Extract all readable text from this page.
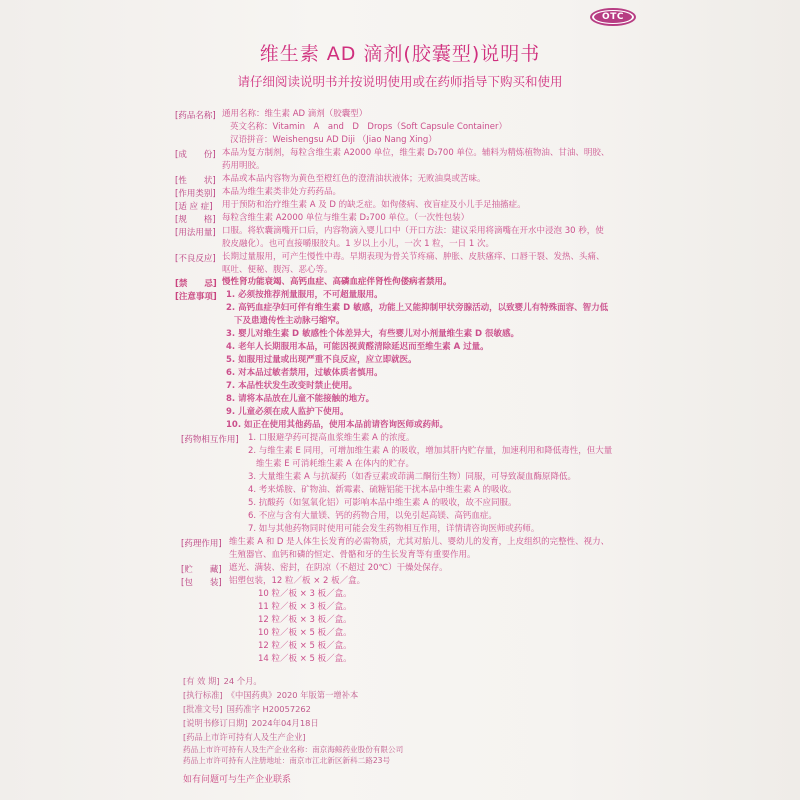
OTC
维生素 AD 滴剂(胶囊型)说明书
请仔细阅读说明书并按说明使用或在药师指导下购买和使用
[药品名称] 通用名称：维生素 AD 滴剂（胶囊型）
英文名称：Vitamin　A　and　D　Drops（Soft Capsule Container）
汉语拼音：Weishengsu AD Diji （Jiao Nang Xing）
[成　　份] 本品为复方制剂，每粒含维生素 A2000 单位，维生素 D₂700 单位。辅料为精炼植物油、甘油、明胶、
药用明胶。
[性　　状] 本品或本品内容物为黄色至橙红色的澄清油状液体；无败油臭或苦味。
[作用类别] 本品为维生素类非处方药药品。
[适 应 症] 用于预防和治疗维生素 A 及 D 的缺乏症。如佝偻病、夜盲症及小儿手足抽搐症。
[规　　格] 每粒含维生素 A2000 单位与维生素 D₂700 单位。（一次性包装）
[用法用量] 口服。将软囊滴嘴开口后，内容物滴入婴儿口中（开口方法：建议采用将滴嘴在开水中浸泡 30 秒，使
胶皮融化）。也可直接嚼服胶丸。1 岁以上小儿，一次 1 粒，一日 1 次。
[不良反应] 长期过量服用，可产生慢性中毒。早期表现为骨关节疼痛、肿胀、皮肤瘙痒、口唇干裂、发热、头痛、
呕吐、便秘、腹泻、恶心等。
[禁　　忌] 慢性肾功能衰竭、高钙血症、高磷血症伴肾性佝偻病者禁用。
[注意事项] 1. 必须按推荐剂量服用，不可超量服用。
2. 高钙血症孕妇可伴有维生素 D 敏感，功能上又能抑制甲状旁腺活动，以致婴儿有特殊面容、智力低
下及患遗传性主动脉弓缩窄。
3. 婴儿对维生素 D 敏感性个体差异大，有些婴儿对小剂量维生素 D 很敏感。
4. 老年人长期服用本品，可能因视黄醛清除延迟而至维生素 A 过量。
5. 如服用过量或出现严重不良反应，应立即就医。
6. 对本品过敏者禁用，过敏体质者慎用。
7. 本品性状发生改变时禁止使用。
8. 请将本品放在儿童不能接触的地方。
9. 儿童必须在成人监护下使用。
10. 如正在使用其他药品，使用本品前请咨询医师或药师。
[药物相互作用] 1. 口服避孕药可提高血浆维生素 A 的浓度。
2. 与维生素 E 同用，可增加维生素 A 的吸收，增加其肝内贮存量，加速利用和降低毒性，但大量
维生素 E 可消耗维生素 A 在体内的贮存。
3. 大量维生素 A 与抗凝药（如香豆素或茚满二酮衍生物）同服，可导致凝血酶原降低。
4. 考来烯胺、矿物油、新霉素、硫糖铝能干扰本品中维生素 A 的吸收。
5. 抗酸药（如氢氧化铝）可影响本品中维生素 A 的吸收，故不应同服。
6. 不应与含有大量镁、钙的药物合用，以免引起高镁、高钙血症。
7. 如与其他药物同时使用可能会发生药物相互作用，详情请咨询医师或药师。
[药理作用] 维生素 A 和 D 是人体生长发育的必需物质，尤其对胎儿、婴幼儿的发育，上皮组织的完整性、视力、
生殖器官、血钙和磷的恒定、骨骼和牙的生长发育等有重要作用。
[贮　　藏] 遮光、满装、密封，在阴凉（不超过 20℃）干燥处保存。
[包　　装] 铝塑包装，12 粒／板 × 2 板／盒。
10 粒／板 × 3 板／盒。
11 粒／板 × 3 板／盒。
12 粒／板 × 3 板／盒。
10 粒／板 × 5 板／盒。
12 粒／板 × 5 板／盒。
14 粒／板 × 5 板／盒。
[有 效 期] 24 个月。
[执行标准] 《中国药典》2020 年版第一增补本
[批准文号] 国药准字 H20057262
[说明书修订日期] 2024年04月18日
[药品上市许可持有人及生产企业]
药品上市许可持有人及生产企业名称：南京海鲸药业股份有限公司
药品上市许可持有人注册地址：南京市江北新区新科二路23号
如有问题可与生产企业联系
